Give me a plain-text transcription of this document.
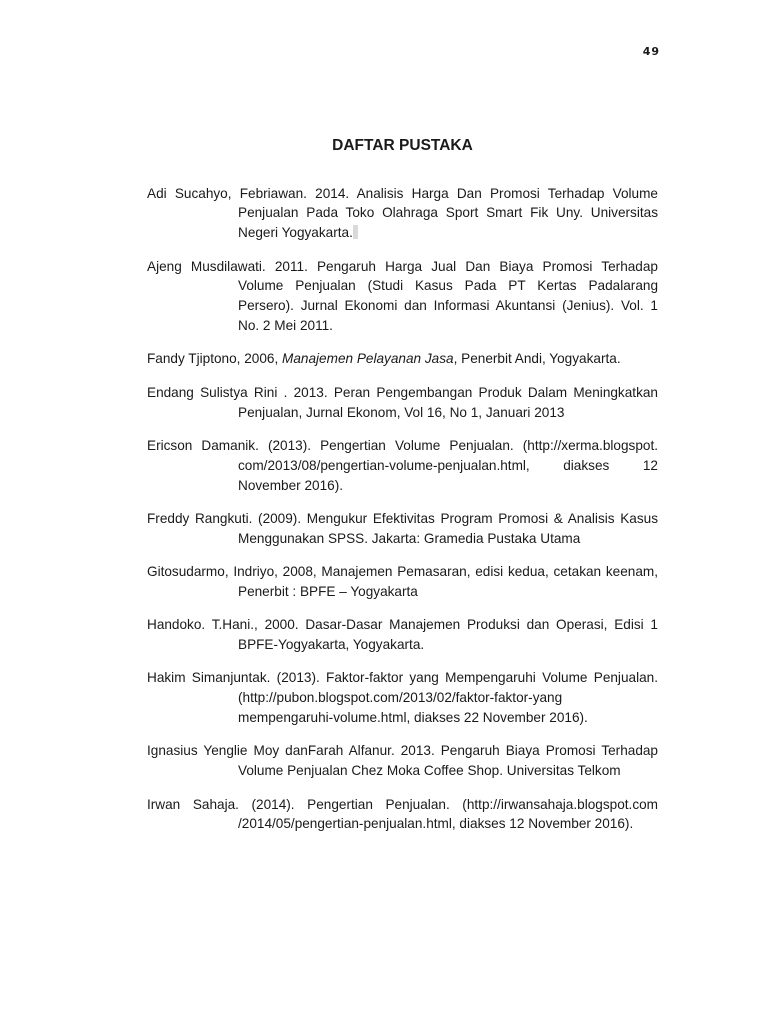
49
DAFTAR PUSTAKA

Adi Sucahyo, Febriawan. 2014. Analisis Harga Dan Promosi Terhadap Volume Penjualan Pada Toko Olahraga Sport Smart Fik Uny. Universitas Negeri Yogyakarta.

Ajeng Musdilawati. 2011. Pengaruh Harga Jual Dan Biaya Promosi Terhadap Volume Penjualan (Studi Kasus Pada PT Kertas Padalarang Persero). Jurnal Ekonomi dan Informasi Akuntansi (Jenius). Vol. 1 No. 2 Mei 2011.

Fandy Tjiptono, 2006, Manajemen Pelayanan Jasa, Penerbit Andi, Yogyakarta.

Endang Sulistya Rini . 2013. Peran Pengembangan Produk Dalam Meningkatkan Penjualan, Jurnal Ekonom, Vol 16, No 1, Januari 2013

Ericson Damanik. (2013). Pengertian Volume Penjualan. (http://xerma.blogspot. com/2013/08/pengertian-volume-penjualan.html, diakses 12 November 2016).

Freddy Rangkuti. (2009). Mengukur Efektivitas Program Promosi & Analisis Kasus Menggunakan SPSS. Jakarta: Gramedia Pustaka Utama

Gitosudarmo, Indriyo, 2008, Manajemen Pemasaran, edisi kedua, cetakan keenam, Penerbit : BPFE – Yogyakarta

Handoko. T.Hani., 2000. Dasar-Dasar Manajemen Produksi dan Operasi, Edisi 1 BPFE-Yogyakarta, Yogyakarta.

Hakim Simanjuntak. (2013). Faktor-faktor yang Mempengaruhi Volume Penjualan. (http://pubon.blogspot.com/2013/02/faktor-faktor-yang mempengaruhi-volume.html, diakses 22 November 2016).

Ignasius Yenglie Moy danFarah Alfanur. 2013. Pengaruh Biaya Promosi Terhadap Volume Penjualan Chez Moka Coffee Shop. Universitas Telkom

Irwan Sahaja. (2014). Pengertian Penjualan. (http://irwansahaja.blogspot.com /2014/05/pengertian-penjualan.html, diakses 12 November 2016).
